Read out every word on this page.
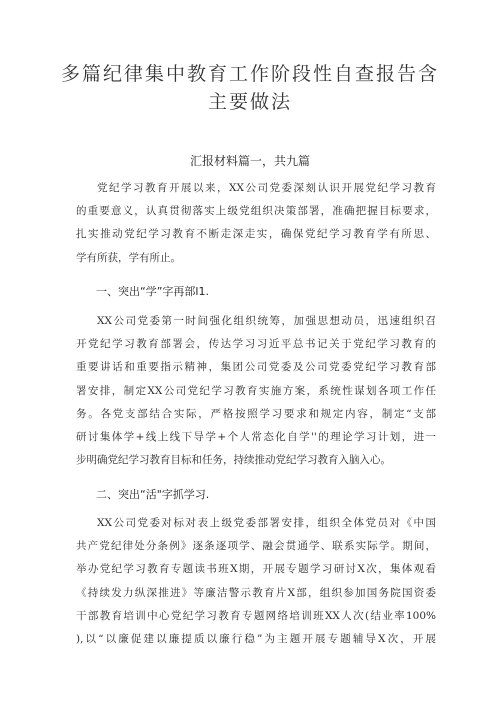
多篇纪律集中教育工作阶段性自查报告含
主要做法
汇报材料篇一，共九篇
党纪学习教育开展以来，XX公司党委深刻认识开展党纪学习教育
的重要意义，认真贯彻落实上级党组织决策部署，准确把握目标要求，
扎实推动党纪学习教育不断走深走实，确保党纪学习教育学有所思、
学有所获，学有所止。
一、突出“学”字再部l1.
XX公司党委第一时间强化组织统筹，加强思想动员，迅速组织召
开党纪学习教育部署会，传达学习习近平总书记关于党纪学习教育的
重要讲话和重要指示精神，集团公司党委及公司党委党纪学习教育部
署安排，制定XX公司党纪学习教育实施方案，系统性谋划各项工作任
务。各党支部结合实际，严格按照学习要求和规定内容，制定“支部
研讨集体学+线上线下导学+个人常态化自学''的理论学习计划，进一
步明确党纪学习教育目标和任务，持续推动党纪学习教育入脑入心。
二、突出“活"字抓学习.
XX公司党委对标对表上级党委部署安排，组织全体党员对《中国
共产党纪律处分条例》逐条逐项学、融会贯通学、联系实际学。期间，
举办党纪学习教育专题读书班X期，开展专题学习研讨X次，集体观看
《持续发力纵深推进》等廉洁警示教育片X部，组织参加国务院国资委
干部教育培训中心党纪学习教育专题网络培训班XX人次(结业率100%
),以“以廉促建以廉提质以廉行稳”为主题开展专题辅导X次，开展
